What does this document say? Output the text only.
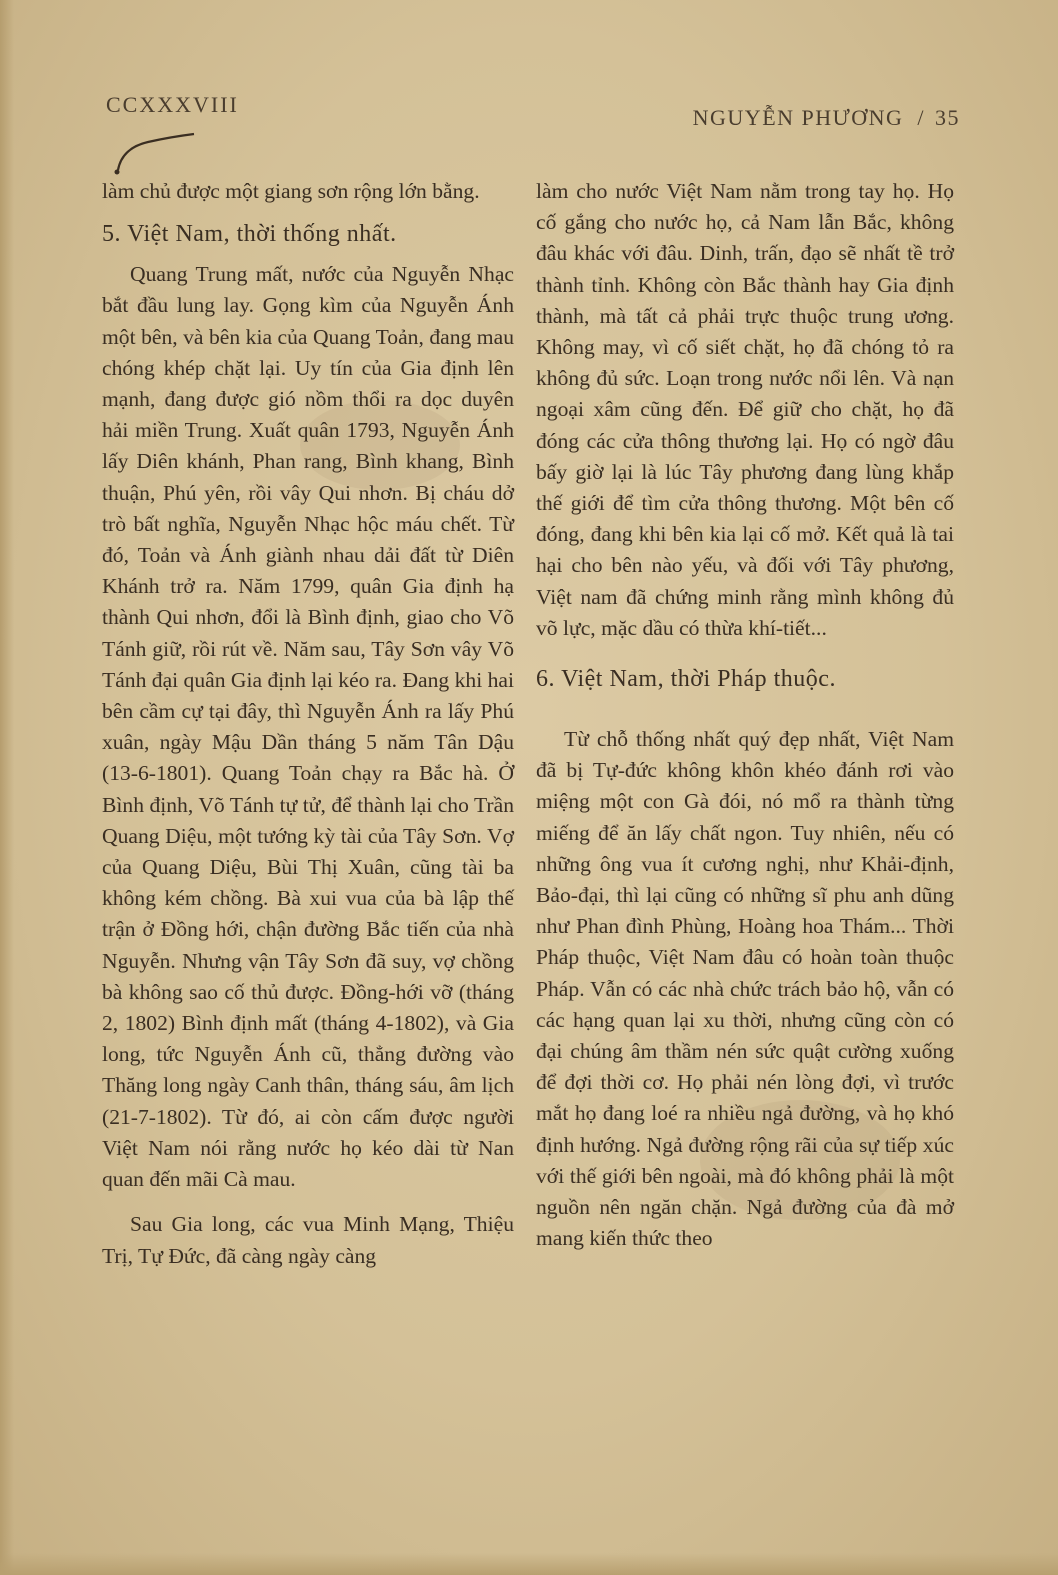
CCXXXVIII
NGUYỄN PHƯƠNG / 35

làm chủ được một giang sơn rộng lớn bằng.

5. Việt Nam, thời thống nhất.

Quang Trung mất, nước của Nguyễn Nhạc bắt đầu lung lay. Gọng kìm của Nguyễn Ánh một bên, và bên kia của Quang Toản, đang mau chóng khép chặt lại. Uy tín của Gia định lên mạnh, đang được gió nồm thổi ra dọc duyên hải miền Trung. Xuất quân 1793, Nguyễn Ánh lấy Diên khánh, Phan rang, Bình khang, Bình thuận, Phú yên, rồi vây Qui nhơn. Bị cháu dở trò bất nghĩa, Nguyễn Nhạc hộc máu chết. Từ đó, Toản và Ánh giành nhau dải đất từ Diên Khánh trở ra. Năm 1799, quân Gia định hạ thành Qui nhơn, đổi là Bình định, giao cho Võ Tánh giữ, rồi rút về. Năm sau, Tây Sơn vây Võ Tánh đại quân Gia định lại kéo ra. Đang khi hai bên cầm cự tại đây, thì Nguyễn Ánh ra lấy Phú xuân, ngày Mậu Dần tháng 5 năm Tân Dậu (13-6-1801). Quang Toản chạy ra Bắc hà. Ở Bình định, Võ Tánh tự tử, để thành lại cho Trần Quang Diệu, một tướng kỳ tài của Tây Sơn. Vợ của Quang Diệu, Bùi Thị Xuân, cũng tài ba không kém chồng. Bà xui vua của bà lập thế trận ở Đồng hới, chận đường Bắc tiến của nhà Nguyễn. Nhưng vận Tây Sơn đã suy, vợ chồng bà không sao cố thủ được. Đồng-hới vỡ (tháng 2, 1802) Bình định mất (tháng 4-1802), và Gia long, tức Nguyễn Ánh cũ, thẳng đường vào Thăng long ngày Canh thân, tháng sáu, âm lịch (21-7-1802). Từ đó, ai còn cấm được người Việt Nam nói rằng nước họ kéo dài từ Nan quan đến mãi Cà mau.

Sau Gia long, các vua Minh Mạng, Thiệu Trị, Tự Đức, đã càng ngày càng

làm cho nước Việt Nam nằm trong tay họ. Họ cố gắng cho nước họ, cả Nam lẫn Bắc, không đâu khác với đâu. Dinh, trấn, đạo sẽ nhất tề trở thành tỉnh. Không còn Bắc thành hay Gia định thành, mà tất cả phải trực thuộc trung ương. Không may, vì cố siết chặt, họ đã chóng tỏ ra không đủ sức. Loạn trong nước nổi lên. Và nạn ngoại xâm cũng đến. Để giữ cho chặt, họ đã đóng các cửa thông thương lại. Họ có ngờ đâu bấy giờ lại là lúc Tây phương đang lùng khắp thế giới để tìm cửa thông thương. Một bên cố đóng, đang khi bên kia lại cố mở. Kết quả là tai hại cho bên nào yếu, và đối với Tây phương, Việt nam đã chứng minh rằng mình không đủ võ lực, mặc dầu có thừa khí-tiết...

6. Việt Nam, thời Pháp thuộc.

Từ chỗ thống nhất quý đẹp nhất, Việt Nam đã bị Tự-đức không khôn khéo đánh rơi vào miệng một con Gà đói, nó mổ ra thành từng miếng để ăn lấy chất ngon. Tuy nhiên, nếu có những ông vua ít cương nghị, như Khải-định, Bảo-đại, thì lại cũng có những sĩ phu anh dũng như Phan đình Phùng, Hoàng hoa Thám... Thời Pháp thuộc, Việt Nam đâu có hoàn toàn thuộc Pháp. Vẫn có các nhà chức trách bảo hộ, vẫn có các hạng quan lại xu thời, nhưng cũng còn có đại chúng âm thầm nén sức quật cường xuống để đợi thời cơ. Họ phải nén lòng đợi, vì trước mắt họ đang loé ra nhiều ngả đường, và họ khó định hướng. Ngả đường rộng rãi của sự tiếp xúc với thế giới bên ngoài, mà đó không phải là một nguồn nên ngăn chặn. Ngả đường của đà mở mang kiến thức theo
